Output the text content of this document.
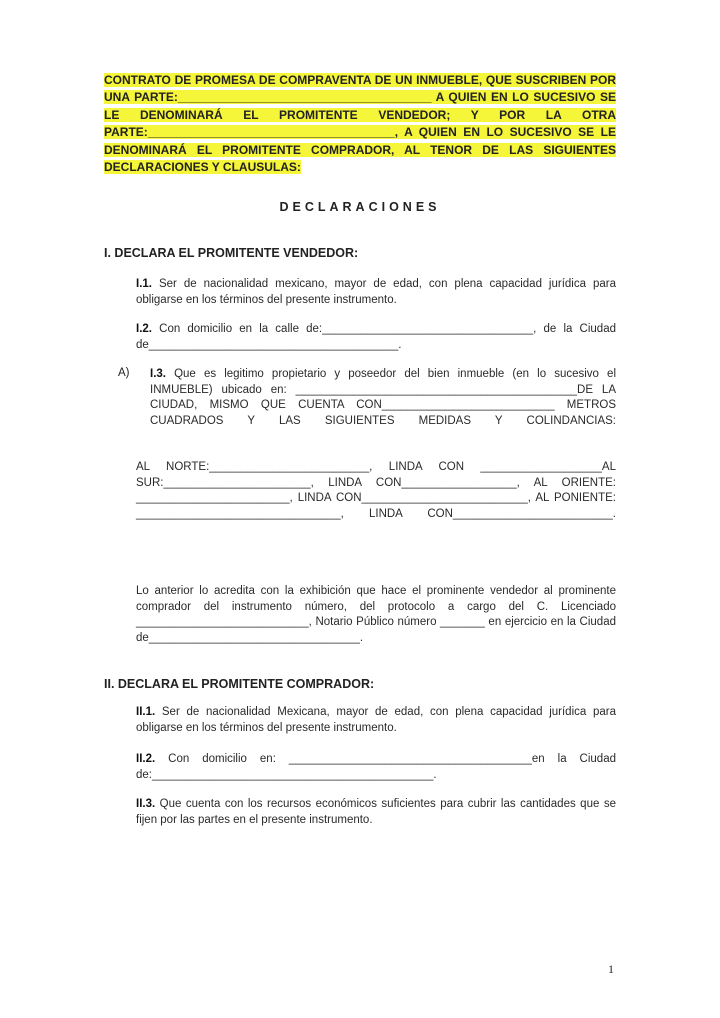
CONTRATO DE PROMESA DE COMPRAVENTA DE UN INMUEBLE, QUE SUSCRIBEN POR UNA PARTE:______________________________________ A QUIEN EN LO SUCESIVO SE LE DENOMINARÁ EL PROMITENTE VENDEDOR; Y POR LA OTRA PARTE:_____________________________________, A QUIEN EN LO SUCESIVO SE LE DENOMINARÁ EL PROMITENTE COMPRADOR, AL TENOR DE LAS SIGUIENTES DECLARACIONES Y CLAUSULAS:
DECLARACIONES
I. DECLARA EL PROMITENTE VENDEDOR:
I.1. Ser de nacionalidad mexicano, mayor de edad, con plena capacidad jurídica para obligarse en los términos del presente instrumento.
I.2. Con domicilio en la calle de:_________________________________, de la Ciudad de_______________________________________.
A) I.3. Que es legitimo propietario y poseedor del bien inmueble (en lo sucesivo el INMUEBLE) ubicado en: ____________________________________________DE LA CIUDAD, MISMO QUE CUENTA CON___________________________ METROS CUADRADOS Y LAS SIGUIENTES MEDIDAS Y COLINDANCIAS:
AL NORTE:_________________________, LINDA CON ___________________AL SUR:_______________________, LINDA CON__________________, AL ORIENTE: ________________________, LINDA CON__________________________, AL PONIENTE: ________________________________, LINDA CON_________________________.
Lo anterior lo acredita con la exhibición que hace el prominente vendedor al prominente comprador del instrumento número, del protocolo a cargo del C. Licenciado ___________________________, Notario Público número _______ en ejercicio en la Ciudad de_________________________________.
II. DECLARA EL PROMITENTE COMPRADOR:
II.1. Ser de nacionalidad Mexicana, mayor de edad, con plena capacidad jurídica para obligarse en los términos del presente instrumento.
II.2. Con domicilio en: ______________________________________en la Ciudad de:____________________________________________.
II.3. Que cuenta con los recursos económicos suficientes para cubrir las cantidades que se fijen por las partes en el presente instrumento.
1
